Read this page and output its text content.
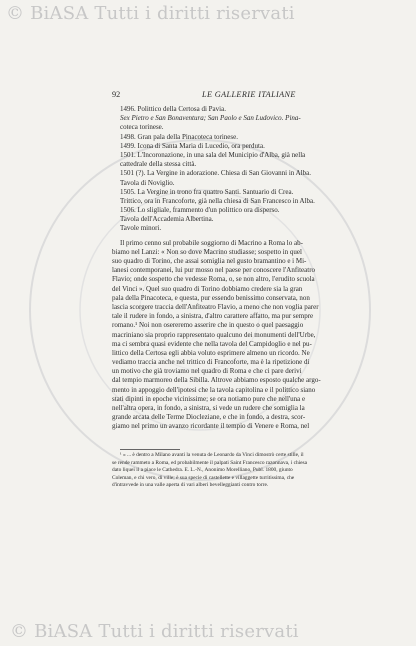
© BiASA Tutti i diritti riservati
92	LE GALLERIE ITALIANE
1496. Polittico della Certosa di Pavia.
Sex Pietro e San Bonaventura; San Paolo e San Ludovico. Pina-
coteca torinese.
1498. Gran pala della Pinacoteca torinese.
1499. Icona di Santa Maria di Lucedio, ora perduta.
1501. L'Incoronazione, in una sala del Municipio d'Alba, già nella
cattedrale della stessa città.
1501 (?). La Vergine in adorazione. Chiesa di San Giovanni in Alba.
Tavola di Noviglio.
1505. La Vergine in trono fra quattro Santi. Santuario di Crea.
Trittico, ora in Francoforte, già nella chiesa di San Francesco in Alba.
1506. Lo sligliale, frammento d'un polittico ora disperso.
Tavola dell'Accademia Albertina.
Tavole minori.
Il primo cenno sul probabile soggiorno di Macrino a Roma lo ab-
biamo nel Lanzi: « Non so dove Macrino studiasse; sospetto in quel
suo quadro di Torino, che assai somiglia nel gusto bramantino e i Mi-
lanesi contemporanei, lui pur mosso nel paese per conoscere l'Anfiteatro
Flavio; onde sospetto che vedesse Roma, o, se non altro, l'erudito scuola
del Vinci ». Quel suo quadro di Torino dobbiamo credere sia la gran
pala della Pinacoteca, e questa, pur essendo benissimo conservata, non
lascia scorgere traccia dell'Anfiteatro Flavio, a meno che non voglia parer
tale il rudere in fondo, a sinistra, d'altro carattere affatto, ma pur sempre
romano.¹ Noi non osereremo asserire che in questo o quel paesaggio
macriniano sia proprio rappresentato qualcuno dei monumenti dell'Urbe,
ma ci sembra quasi evidente che nella tavola del Campidoglio e nel pu-
littico della Certosa egli abbia voluto esprimere almeno un ricordo. Ne
vediamo traccia anche nel trittico di Francoforte, ma è la ripetizione di
un motivo che già troviamo nel quadro di Roma e che ci pare derivi
dal tempio marmoreo della Sibilla. Altrove abbiamo esposto qualche argo-
mento in appoggio dell'ipotesi che la tavola capitolina e il polittico siano
stati dipinti in epoche vicinissime; se ora notiamo pure che nell'una e
nell'altra opera, in fondo, a sinistra, si vede un rudere che somiglia la
grande arcata delle Terme Diocleziane, e che in fondo, a destra, scor-
giamo nel primo un avanzo ricordante il tempio di Venere e Roma, nel
¹ « ... è dentro a Milano avanti la venuta de Leonardo da Vinci dimostrò certe stille, il
se rende rammeto a Roma, ed probabilmente il palpati Saint Francesco razonnava, i chiesa
dato liquei il a piace le Cathedra. E. L.-N., Anonimo Morelliano, Publ. 1800, giunto
Coleman, e chi vero, di ville; è sua specie di castellette e villaggette turritissima, che
d'intravvede in una valle aperta di vari alberi bevelleggianti contro torre.
© BiASA Tutti i diritti riservati
